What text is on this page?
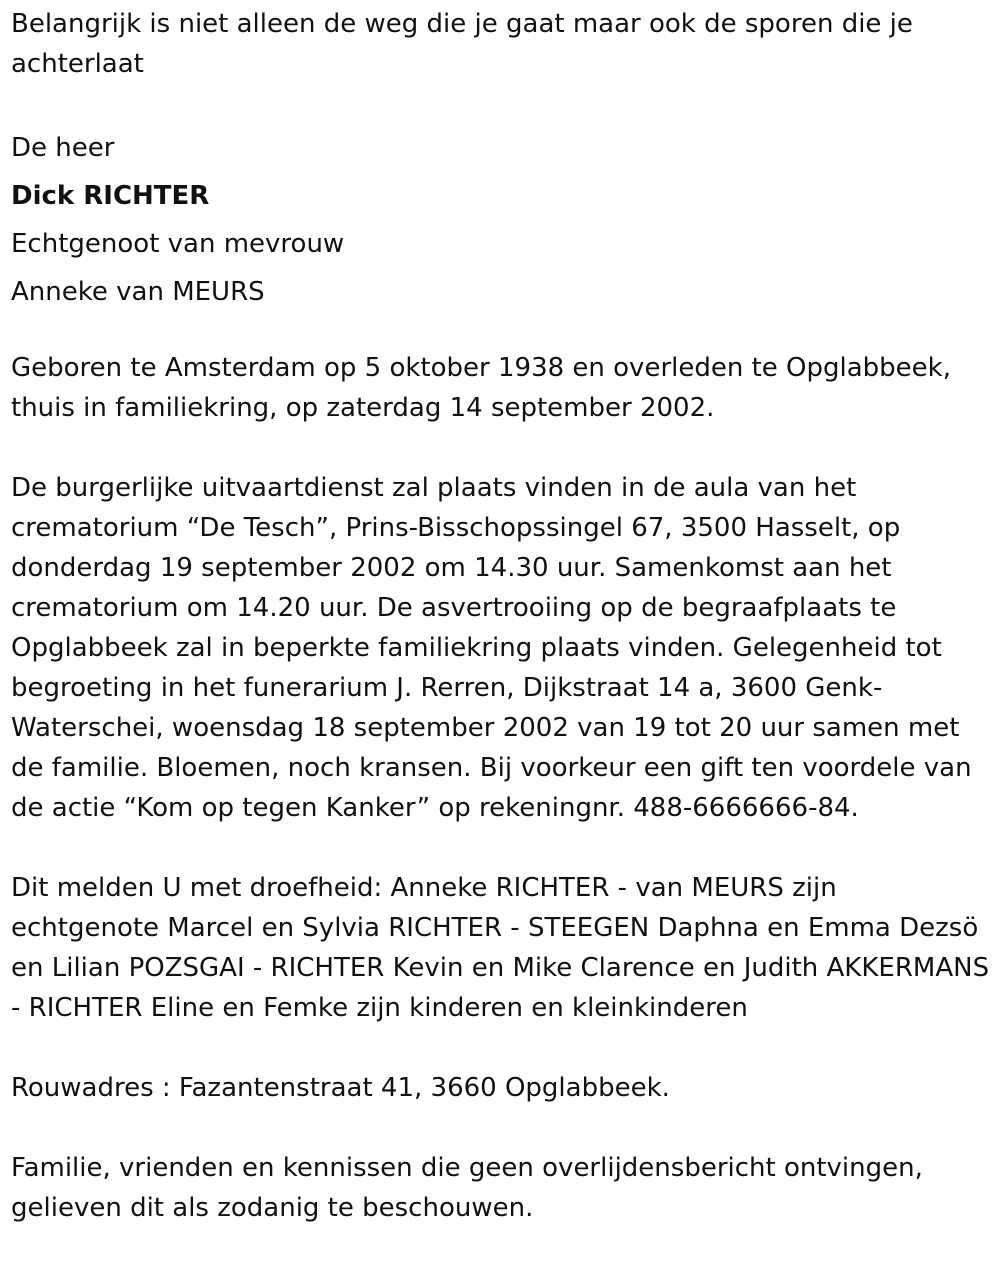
Belangrijk is niet alleen de weg die je gaat maar ook de sporen die je achterlaat

De heer
Dick RICHTER
Echtgenoot van mevrouw
Anneke van MEURS

Geboren te Amsterdam op 5 oktober 1938 en overleden te Opglabbeek, thuis in familiekring, op zaterdag 14 september 2002.

De burgerlijke uitvaartdienst zal plaats vinden in de aula van het crematorium “De Tesch”, Prins-Bisschopssingel 67, 3500 Hasselt, op donderdag 19 september 2002 om 14.30 uur. Samenkomst aan het crematorium om 14.20 uur. De asvertrooiing op de begraafplaats te Opglabbeek zal in beperkte familiekring plaats vinden. Gelegenheid tot begroeting in het funerarium J. Rerren, Dijkstraat 14 a, 3600 Genk-Waterschei, woensdag 18 september 2002 van 19 tot 20 uur samen met de familie. Bloemen, noch kransen. Bij voorkeur een gift ten voordele van de actie “Kom op tegen Kanker” op rekeningnr. 488-6666666-84.

Dit melden U met droefheid: Anneke RICHTER - van MEURS zijn echtgenote Marcel en Sylvia RICHTER - STEEGEN Daphna en Emma Dezsö en Lilian POZSGAI - RICHTER Kevin en Mike Clarence en Judith AKKERMANS - RICHTER Eline en Femke zijn kinderen en kleinkinderen

Rouwadres : Fazantenstraat 41, 3660 Opglabbeek.

Familie, vrienden en kennissen die geen overlijdensbericht ontvingen, gelieven dit als zodanig te beschouwen.
